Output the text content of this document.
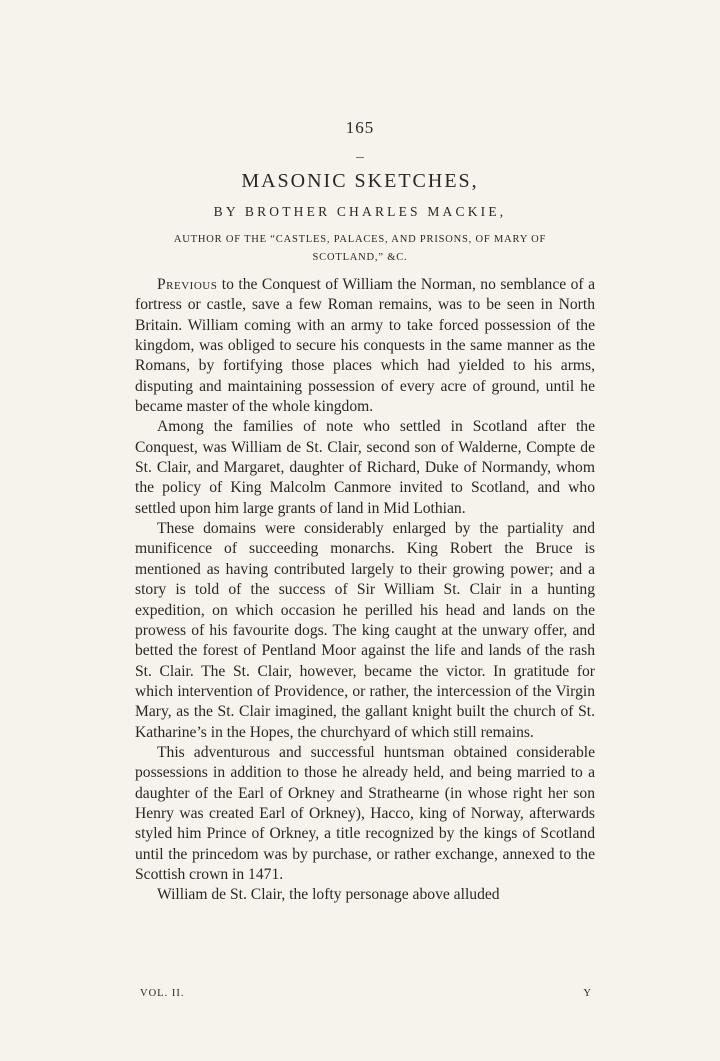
165
MASONIC SKETCHES,
BY BROTHER CHARLES MACKIE,
AUTHOR OF THE “CASTLES, PALACES, AND PRISONS, OF MARY OF SCOTLAND,” &C.

Previous to the Conquest of William the Norman, no semblance of a fortress or castle, save a few Roman remains, was to be seen in North Britain. William coming with an army to take forced possession of the kingdom, was obliged to secure his conquests in the same manner as the Romans, by fortifying those places which had yielded to his arms, disputing and maintaining possession of every acre of ground, until he became master of the whole kingdom.

Among the families of note who settled in Scotland after the Conquest, was William de St. Clair, second son of Walderne, Compte de St. Clair, and Margaret, daughter of Richard, Duke of Normandy, whom the policy of King Malcolm Canmore invited to Scotland, and who settled upon him large grants of land in Mid Lothian.

These domains were considerably enlarged by the partiality and munificence of succeeding monarchs. King Robert the Bruce is mentioned as having contributed largely to their growing power; and a story is told of the success of Sir William St. Clair in a hunting expedition, on which occasion he perilled his head and lands on the prowess of his favourite dogs. The king caught at the unwary offer, and betted the forest of Pentland Moor against the life and lands of the rash St. Clair. The St. Clair, however, became the victor. In gratitude for which intervention of Providence, or rather, the intercession of the Virgin Mary, as the St. Clair imagined, the gallant knight built the church of St. Katharine’s in the Hopes, the churchyard of which still remains.

This adventurous and successful huntsman obtained considerable possessions in addition to those he already held, and being married to a daughter of the Earl of Orkney and Strathearne (in whose right her son Henry was created Earl of Orkney), Hacco, king of Norway, afterwards styled him Prince of Orkney, a title recognized by the kings of Scotland until the princedom was by purchase, or rather exchange, annexed to the Scottish crown in 1471.

William de St. Clair, the lofty personage above alluded

VOL. II.	Y
